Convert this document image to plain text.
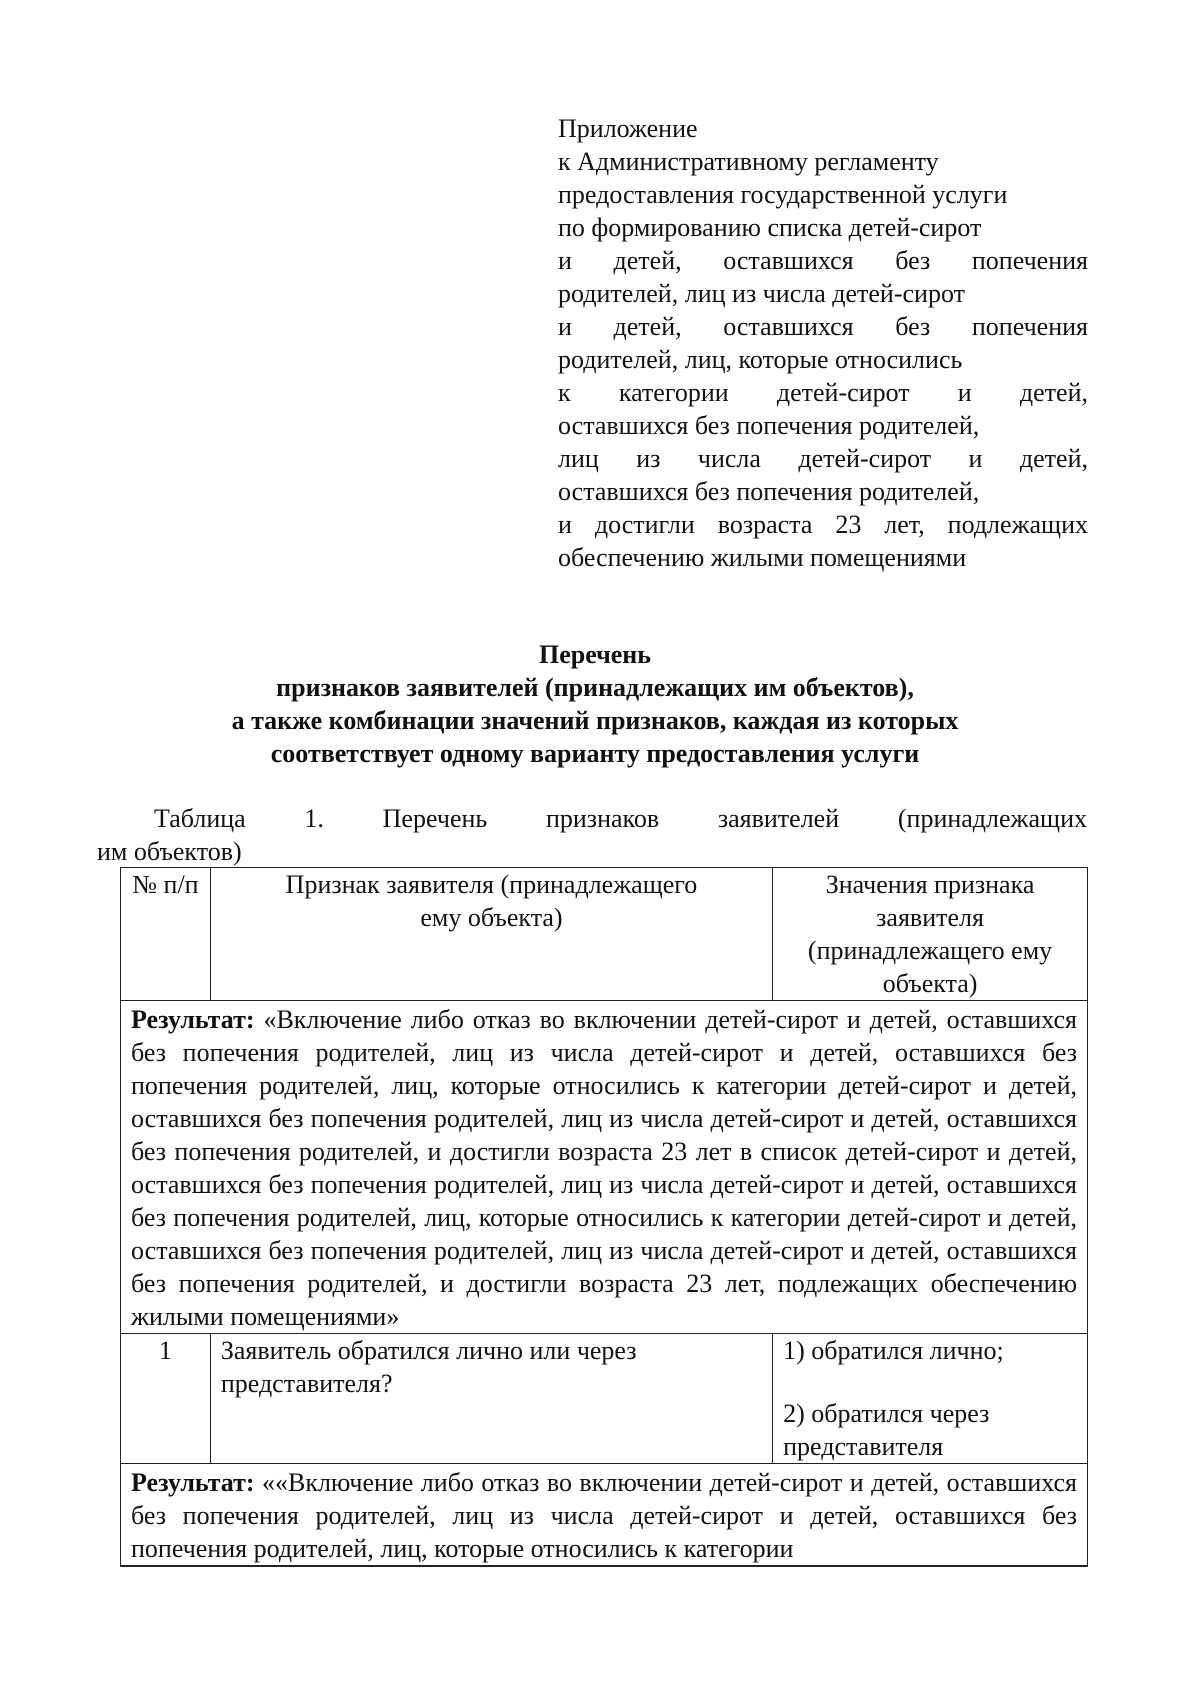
Приложение
к Административному регламенту
предоставления государственной услуги
по формированию списка детей-сирот
и детей, оставшихся без попечения
родителей, лиц из числа детей-сирот
и детей, оставшихся без попечения
родителей, лиц, которые относились
к категории детей-сирот и детей,
оставшихся без попечения родителей,
лиц из числа детей-сирот и детей,
оставшихся без попечения родителей,
и достигли возраста 23 лет, подлежащих
обеспечению жилыми помещениями
Перечень
признаков заявителей (принадлежащих им объектов),
а также комбинации значений признаков, каждая из которых
соответствует одному варианту предоставления услуги
Таблица 1. Перечень признаков заявителей (принадлежащих
им объектов)
№ п/п	Признак заявителя (принадлежащего ему объекта)	Значения признака заявителя (принадлежащего ему объекта)
Результат: «Включение либо отказ во включении детей-сирот и детей, оставшихся без попечения родителей, лиц из числа детей-сирот и детей, оставшихся без попечения родителей, лиц, которые относились к категории детей-сирот и детей, оставшихся без попечения родителей, лиц из числа детей-сирот и детей, оставшихся без попечения родителей, и достигли возраста 23 лет в список детей-сирот и детей, оставшихся без попечения родителей, лиц из числа детей-сирот и детей, оставшихся без попечения родителей, лиц, которые относились к категории детей-сирот и детей, оставшихся без попечения родителей, лиц из числа детей-сирот и детей, оставшихся без попечения родителей, и достигли возраста 23 лет, подлежащих обеспечению жилыми помещениями»		
1	Заявитель обратился лично или через представителя?	1) обратился лично;
2) обратился через представителя

Результат: ««Включение либо отказ во включении детей-сирот и детей, оставшихся без попечения родителей, лиц из числа детей-сирот и детей, оставшихся без попечения родителей, лиц, которые относились к категории		
